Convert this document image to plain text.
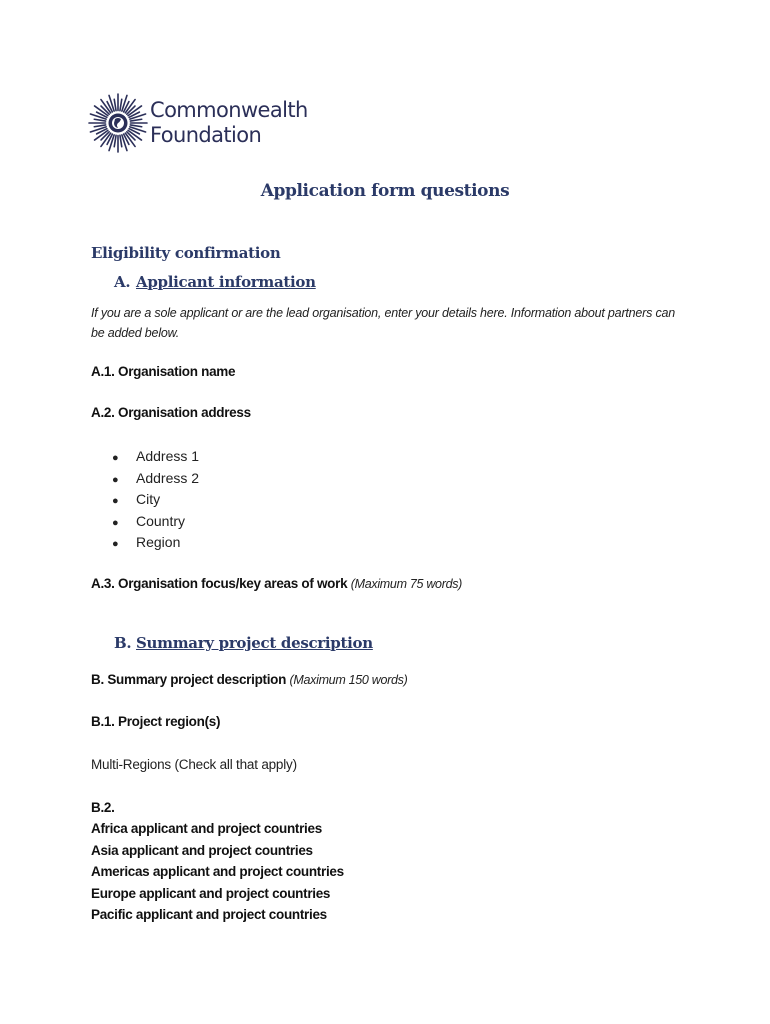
Commonwealth
Foundation
Application form questions
Eligibility confirmation
A. Applicant information
If you are a sole applicant or are the lead organisation, enter your details here. Information about partners can be added below.
A.1. Organisation name
A.2. Organisation address
● Address 1
● Address 2
● City
● Country
● Region
A.3. Organisation focus/key areas of work (Maximum 75 words)
B. Summary project description
B. Summary project description (Maximum 150 words)
B.1. Project region(s)
Multi-Regions (Check all that apply)
B.2.
Africa applicant and project countries
Asia applicant and project countries
Americas applicant and project countries
Europe applicant and project countries
Pacific applicant and project countries
